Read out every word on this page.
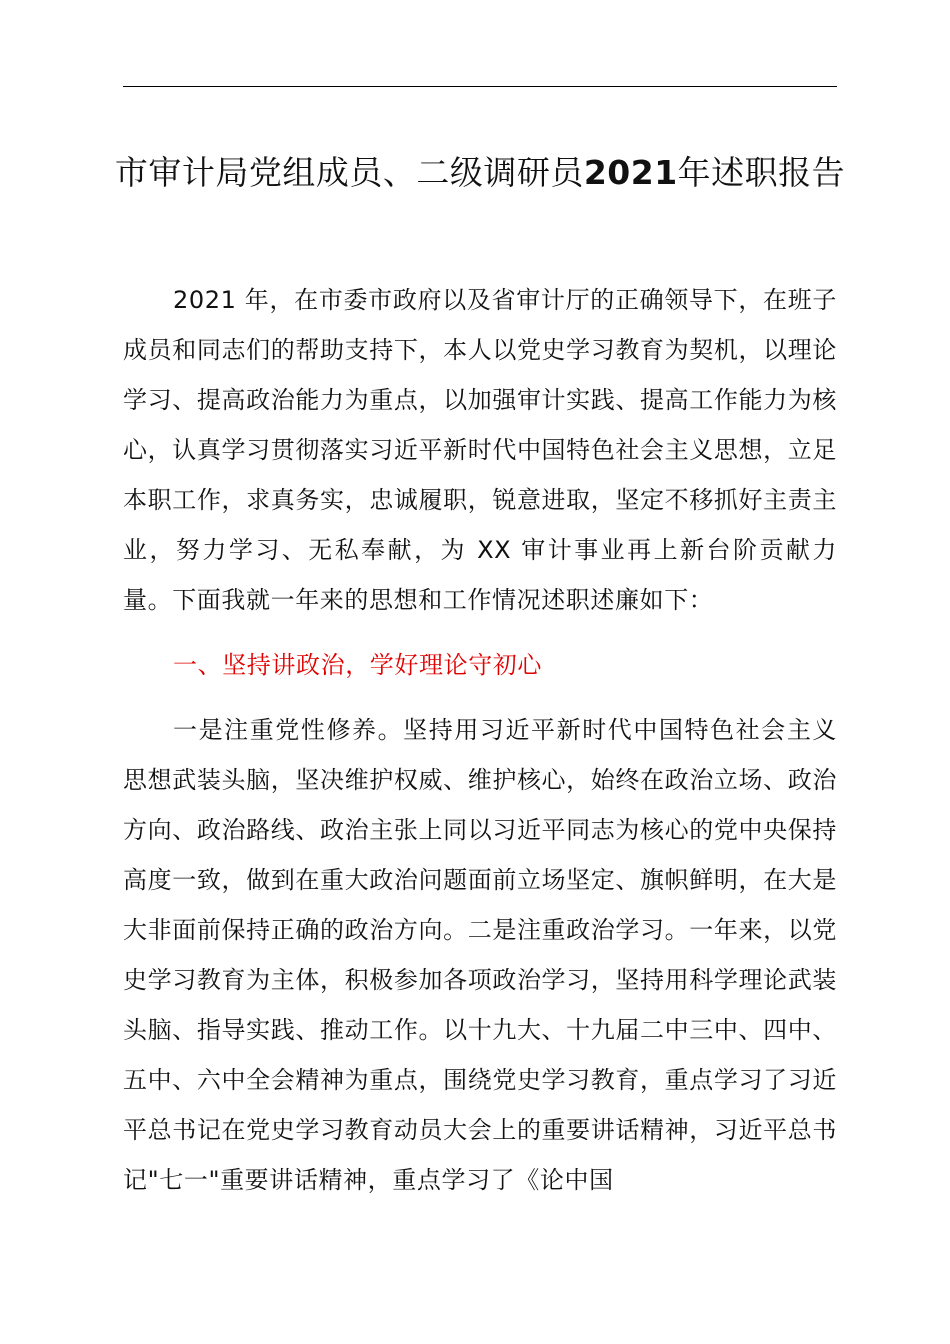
市审计局党组成员、二级调研员2021年述职报告

2021 年，在市委市政府以及省审计厅的正确领导下，在班子成员和同志们的帮助支持下，本人以党史学习教育为契机，以理论学习、提高政治能力为重点，以加强审计实践、提高工作能力为核心，认真学习贯彻落实习近平新时代中国特色社会主义思想，立足本职工作，求真务实，忠诚履职，锐意进取，坚定不移抓好主责主业，努力学习、无私奉献，为 XX 审计事业再上新台阶贡献力量。下面我就一年来的思想和工作情况述职述廉如下：

一、坚持讲政治，学好理论守初心

一是注重党性修养。坚持用习近平新时代中国特色社会主义思想武装头脑，坚决维护权威、维护核心，始终在政治立场、政治方向、政治路线、政治主张上同以习近平同志为核心的党中央保持高度一致，做到在重大政治问题面前立场坚定、旗帜鲜明，在大是大非面前保持正确的政治方向。二是注重政治学习。一年来，以党史学习教育为主体，积极参加各项政治学习，坚持用科学理论武装头脑、指导实践、推动工作。以十九大、十九届二中三中、四中、五中、六中全会精神为重点，围绕党史学习教育，重点学习了习近平总书记在党史学习教育动员大会上的重要讲话精神，习近平总书记"七一"重要讲话精神，重点学习了《论中国
